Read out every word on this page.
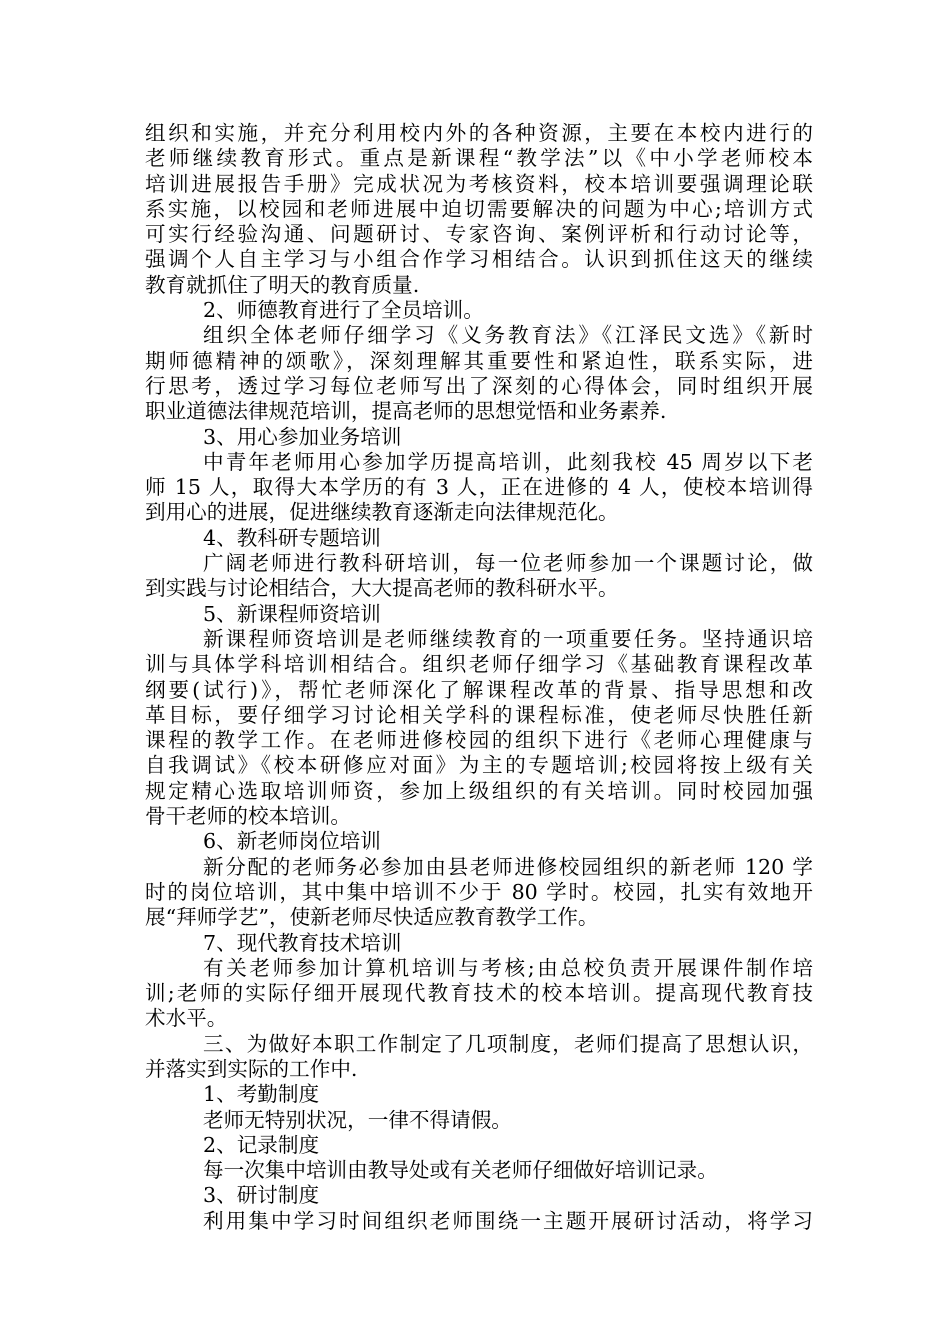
组织和实施，并充分利用校内外的各种资源，主要在本校内进行的
老师继续教育形式。重点是新课程“教学法”以《中小学老师校本
培训进展报告手册》完成状况为考核资料，校本培训要强调理论联
系实施，以校园和老师进展中迫切需要解决的问题为中心;培训方式
可实行经验沟通、问题研讨、专家咨询、案例评析和行动讨论等，
强调个人自主学习与小组合作学习相结合。认识到抓住这天的继续
教育就抓住了明天的教育质量.
2、师德教育进行了全员培训。
组织全体老师仔细学习《义务教育法》《江泽民文选》《新时
期师德精神的颂歌》，深刻理解其重要性和紧迫性，联系实际，进
行思考，透过学习每位老师写出了深刻的心得体会，同时组织开展
职业道德法律规范培训，提高老师的思想觉悟和业务素养.
3、用心参加业务培训
中青年老师用心参加学历提高培训，此刻我校 45 周岁以下老
师 15 人，取得大本学历的有 3 人，正在进修的 4 人，使校本培训得
到用心的进展，促进继续教育逐渐走向法律规范化。
4、教科研专题培训
广阔老师进行教科研培训，每一位老师参加一个课题讨论，做
到实践与讨论相结合，大大提高老师的教科研水平。
5、新课程师资培训
新课程师资培训是老师继续教育的一项重要任务。坚持通识培
训与具体学科培训相结合。组织老师仔细学习《基础教育课程改革
纲要(试行)》，帮忙老师深化了解课程改革的背景、指导思想和改
革目标，要仔细学习讨论相关学科的课程标准，使老师尽快胜任新
课程的教学工作。在老师进修校园的组织下进行《老师心理健康与
自我调试》《校本研修应对面》为主的专题培训;校园将按上级有关
规定精心选取培训师资，参加上级组织的有关培训。同时校园加强
骨干老师的校本培训。
6、新老师岗位培训
新分配的老师务必参加由县老师进修校园组织的新老师 120 学
时的岗位培训，其中集中培训不少于 80 学时。校园，扎实有效地开
展“拜师学艺”，使新老师尽快适应教育教学工作。
7、现代教育技术培训
有关老师参加计算机培训与考核;由总校负责开展课件制作培
训;老师的实际仔细开展现代教育技术的校本培训。提高现代教育技
术水平。
三、为做好本职工作制定了几项制度，老师们提高了思想认识，
并落实到实际的工作中.
1、考勤制度
老师无特别状况，一律不得请假。
2、记录制度
每一次集中培训由教导处或有关老师仔细做好培训记录。
3、研讨制度
利用集中学习时间组织老师围绕一主题开展研讨活动，将学习
